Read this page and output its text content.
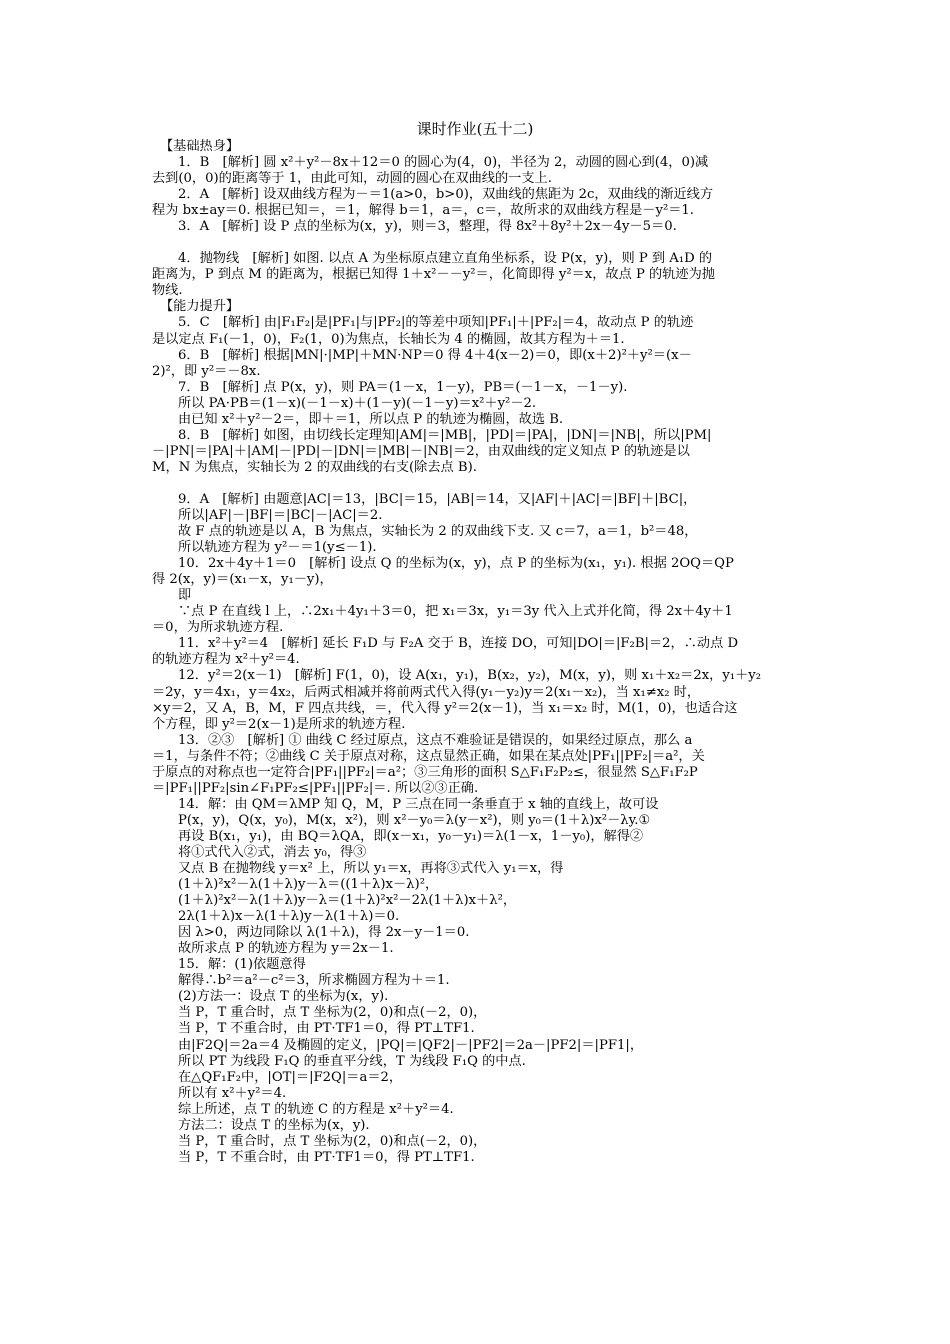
课时作业(五十二)
【基础热身】
1．B　[解析] 圆 x²＋y²－8x＋12＝0 的圆心为(4，0)，半径为 2，动圆的圆心到(4，0)减
去到(0，0)的距离等于 1，由此可知，动圆的圆心在双曲线的一支上.
2．A　[解析] 设双曲线方程为－＝1(a>0，b>0)，双曲线的焦距为 2c，双曲线的渐近线方
程为 bx±ay＝0. 根据已知＝，＝1，解得 b＝1，a＝，c＝，故所求的双曲线方程是－y²＝1.
3．A　[解析] 设 P 点的坐标为(x，y)，则＝3，整理，得 8x²＋8y²＋2x－4y－5＝0.
4．抛物线　[解析] 如图. 以点 A 为坐标原点建立直角坐标系，设 P(x，y)，则 P 到 A₁D 的
距离为，P 到点 M 的距离为，根据已知得 1＋x²－－y²＝，化简即得 y²＝x，故点 P 的轨迹为抛
物线.
【能力提升】
5．C　[解析] 由|F₁F₂|是|PF₁|与|PF₂|的等差中项知|PF₁|＋|PF₂|＝4，故动点 P 的轨迹
是以定点 F₁(－1，0)，F₂(1，0)为焦点，长轴长为 4 的椭圆，故其方程为＋＝1.
6．B　[解析] 根据|MN|·|MP|＋MN·NP＝0 得 4＋4(x－2)＝0，即(x＋2)²＋y²＝(x－
2)²，即 y²＝－8x.
7．B　[解析] 点 P(x，y)，则 PA＝(1－x，1－y)，PB＝(－1－x，－1－y).
所以 PA·PB＝(1－x)(－1－x)＋(1－y)(－1－y)＝x²＋y²－2.
由已知 x²＋y²－2＝，即＋＝1，所以点 P 的轨迹为椭圆，故选 B.
8．B　[解析] 如图，由切线长定理知|AM|＝|MB|，|PD|＝|PA|，|DN|＝|NB|，所以|PM|
－|PN|＝|PA|＋|AM|－|PD|－|DN|＝|MB|－|NB|＝2，由双曲线的定义知点 P 的轨迹是以
M，N 为焦点，实轴长为 2 的双曲线的右支(除去点 B).
9．A　[解析] 由题意|AC|＝13，|BC|＝15，|AB|＝14，又|AF|＋|AC|＝|BF|＋|BC|，
所以|AF|－|BF|＝|BC|－|AC|＝2.
故 F 点的轨迹是以 A，B 为焦点，实轴长为 2 的双曲线下支. 又 c＝7，a＝1，b²＝48，
所以轨迹方程为 y²－＝1(y≤－1).
10．2x＋4y＋1＝0　[解析] 设点 Q 的坐标为(x，y)，点 P 的坐标为(x₁，y₁). 根据 2OQ＝QP
得 2(x，y)＝(x₁－x，y₁－y)，
即
∵点 P 在直线 l 上，∴2x₁＋4y₁＋3＝0，把 x₁＝3x，y₁＝3y 代入上式并化简，得 2x＋4y＋1
＝0，为所求轨迹方程.
11．x²＋y²＝4　[解析] 延长 F₁D 与 F₂A 交于 B，连接 DO，可知|DO|＝|F₂B|＝2，∴动点 D
的轨迹方程为 x²＋y²＝4.
12．y²＝2(x－1)　[解析] F(1，0)，设 A(x₁，y₁)，B(x₂，y₂)，M(x，y)，则 x₁＋x₂＝2x，y₁＋y₂
＝2y，y＝4x₁，y＝4x₂，后两式相减并将前两式代入得(y₁－y₂)y＝2(x₁－x₂)，当 x₁≠x₂ 时，
×y＝2，又 A，B，M，F 四点共线，＝，代入得 y²＝2(x－1)，当 x₁＝x₂ 时，M(1，0)，也适合这
个方程，即 y²＝2(x－1)是所求的轨迹方程.
13．②③　[解析] ① 曲线 C 经过原点，这点不难验证是错误的，如果经过原点，那么 a
＝1，与条件不符；②曲线 C 关于原点对称，这点显然正确，如果在某点处|PF₁||PF₂|＝a²，关
于原点的对称点也一定符合|PF₁||PF₂|＝a²；③三角形的面积 S△F₁F₂P₂≤，很显然 S△F₁F₂P
＝|PF₁||PF₂|sin∠F₁PF₂≤|PF₁||PF₂|＝. 所以②③正确.
14．解：由 QM＝λMP 知 Q，M，P 三点在同一条垂直于 x 轴的直线上，故可设
P(x，y)，Q(x，y₀)，M(x，x²)，则 x²－y₀＝λ(y－x²)，则 y₀＝(1＋λ)x²－λy.①
再设 B(x₁，y₁)，由 BQ＝λQA，即(x－x₁，y₀－y₁)＝λ(1－x，1－y₀)，解得②
将①式代入②式，消去 y₀，得③
又点 B 在抛物线 y＝x² 上，所以 y₁＝x，再将③式代入 y₁＝x，得
(1＋λ)²x²－λ(1＋λ)y－λ＝((1＋λ)x－λ)²，
(1＋λ)²x²－λ(1＋λ)y－λ＝(1＋λ)²x²－2λ(1＋λ)x＋λ²，
2λ(1＋λ)x－λ(1＋λ)y－λ(1＋λ)＝0.
因 λ>0，两边同除以 λ(1＋λ)，得 2x－y－1＝0.
故所求点 P 的轨迹方程为 y＝2x－1.
15．解：(1)依题意得
解得∴b²＝a²－c²＝3，所求椭圆方程为＋＝1.
(2)方法一：设点 T 的坐标为(x，y).
当 P，T 重合时，点 T 坐标为(2，0)和点(－2，0)，
当 P，T 不重合时，由 PT·TF1＝0，得 PT⊥TF1.
由|F2Q|＝2a＝4 及椭圆的定义，|PQ|＝|QF2|－|PF2|＝2a－|PF2|＝|PF1|，
所以 PT 为线段 F₁Q 的垂直平分线，T 为线段 F₁Q 的中点.
在△QF₁F₂中，|OT|＝|F2Q|＝a＝2，
所以有 x²＋y²＝4.
综上所述，点 T 的轨迹 C 的方程是 x²＋y²＝4.
方法二：设点 T 的坐标为(x，y).
当 P，T 重合时，点 T 坐标为(2，0)和点(－2，0)，
当 P，T 不重合时，由 PT·TF1＝0，得 PT⊥TF1.
